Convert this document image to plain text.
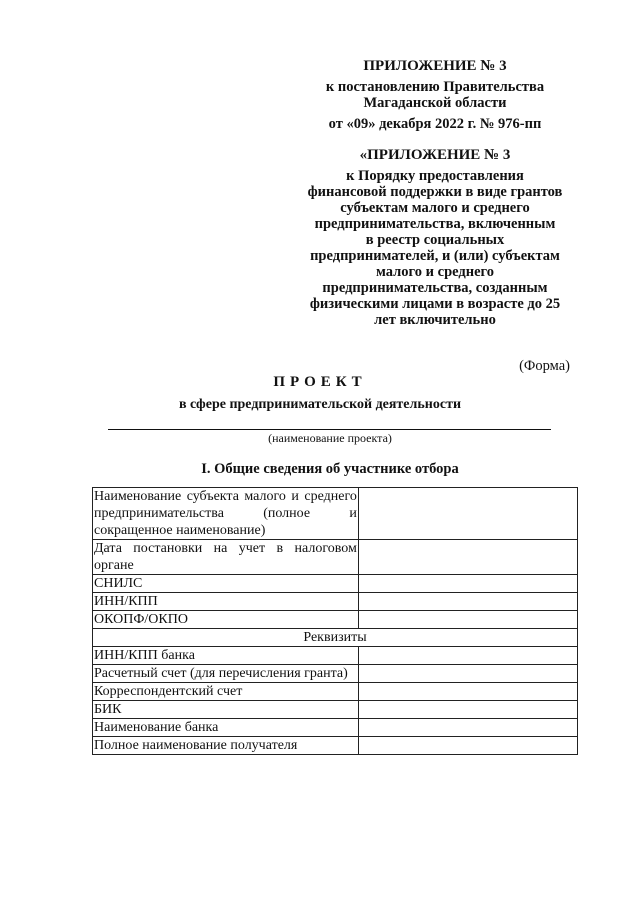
ПРИЛОЖЕНИЕ № 3
к постановлению Правительства
Магаданской области
от «09» декабря 2022 г. № 976-пп
«ПРИЛОЖЕНИЕ № 3
к Порядку предоставления
финансовой поддержки в виде грантов
субъектам малого и среднего
предпринимательства, включенным
в реестр социальных
предпринимателей, и (или) субъектам
малого и среднего
предпринимательства, созданным
физическими лицами в возрасте до 25
лет включительно
(Форма)
ПРОЕКТ
в сфере предпринимательской деятельности
(наименование проекта)
I. Общие сведения об участнике отбора
Наименование субъекта малого и среднего предпринимательства (полное и сокращенное наименование)	
Дата постановки на учет в налоговом органе	
СНИЛС	
ИНН/КПП	
ОКОПФ/ОКПО	
Реквизиты	
ИНН/КПП банка	
Расчетный счет (для перечисления гранта)	
Корреспондентский счет	
БИК	
Наименование банка	
Полное наименование получателя	
